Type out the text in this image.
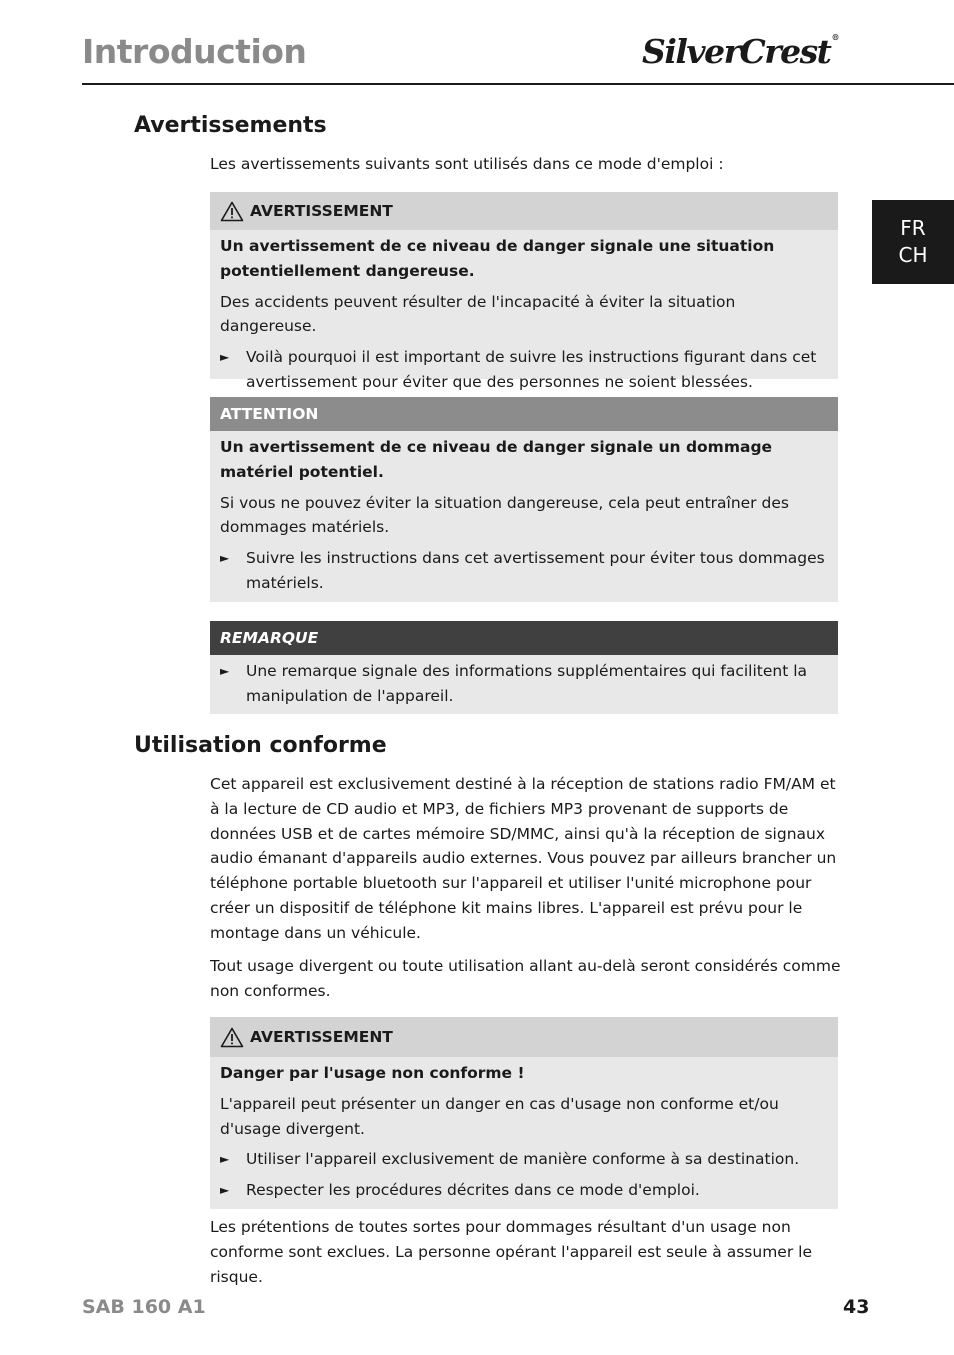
Introduction	SilverCrest®
FR
CH
Avertissements
Les avertissements suivants sont utilisés dans ce mode d'emploi :
AVERTISSEMENT
Un avertissement de ce niveau de danger signale une situation potentiellement dangereuse.
Des accidents peuvent résulter de l'incapacité à éviter la situation dangereuse.
►	Voilà pourquoi il est important de suivre les instructions figurant dans cet avertissement pour éviter que des personnes ne soient blessées.
ATTENTION
Un avertissement de ce niveau de danger signale un dommage matériel potentiel.
Si vous ne pouvez éviter la situation dangereuse, cela peut entraîner des dommages matériels.
►	Suivre les instructions dans cet avertissement pour éviter tous dommages matériels.
REMARQUE
►	Une remarque signale des informations supplémentaires qui facilitent la manipulation de l'appareil.
Utilisation conforme
Cet appareil est exclusivement destiné à la réception de stations radio FM/AM et à la lecture de CD audio et MP3, de fichiers MP3 provenant de supports de données USB et de cartes mémoire SD/MMC, ainsi qu'à la réception de signaux audio émanant d'appareils audio externes. Vous pouvez par ailleurs brancher un téléphone portable bluetooth sur l'appareil et utiliser l'unité microphone pour créer un dispositif de téléphone kit mains libres. L'appareil est prévu pour le montage dans un véhicule.
Tout usage divergent ou toute utilisation allant au-delà seront considérés comme non conformes.
AVERTISSEMENT
Danger par l'usage non conforme !
L'appareil peut présenter un danger en cas d'usage non conforme et/ou d'usage divergent.
►	Utiliser l'appareil exclusivement de manière conforme à sa destination.
►	Respecter les procédures décrites dans ce mode d'emploi.
Les prétentions de toutes sortes pour dommages résultant d'un usage non conforme sont exclues. La personne opérant l'appareil est seule à assumer le risque.
SAB 160 A1	43
